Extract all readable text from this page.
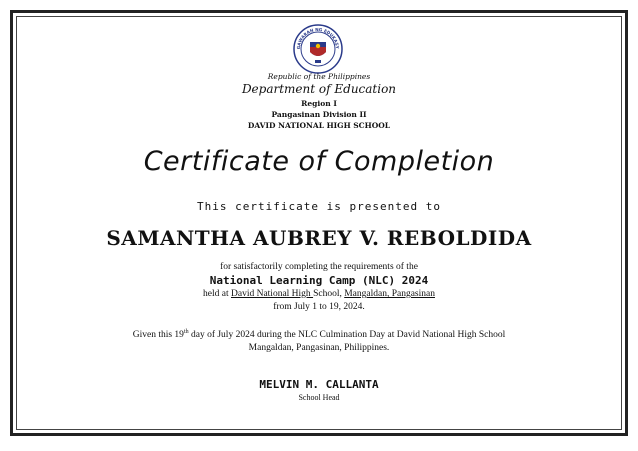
GAWARAN NG EDUKASY
Republic of the Philippines
Department of Education
Region I
Pangasinan Division II
DAVID NATIONAL HIGH SCHOOL
Certificate of Completion
This certificate is presented to
SAMANTHA AUBREY V. REBOLDIDA
for satisfactorily completing the requirements of the
National Learning Camp (NLC) 2024
held at David National High School, Mangaldan, Pangasinan
from July 1 to 19, 2024.
Given this 19th day of July 2024 during the NLC Culmination Day at David National High School
Mangaldan, Pangasinan, Philippines.
MELVIN M. CALLANTA
School Head
